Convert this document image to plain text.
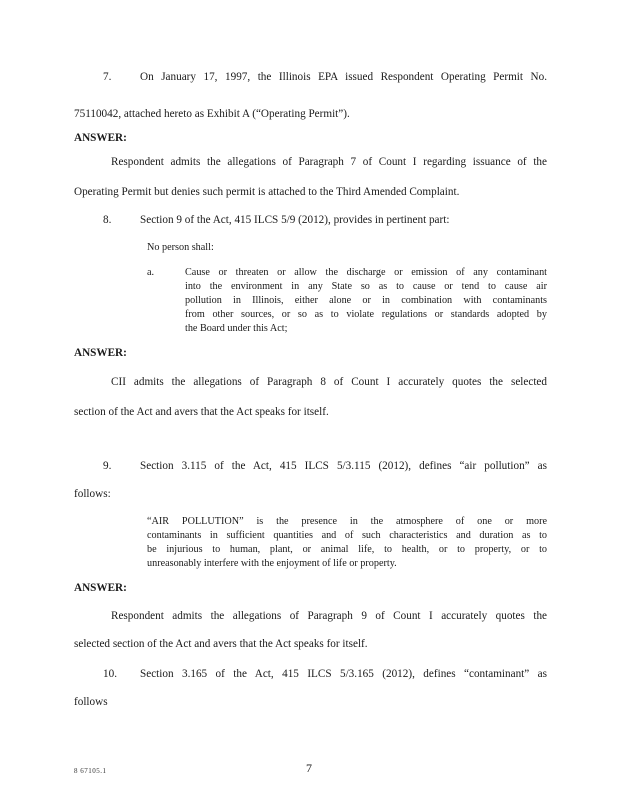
7.	On January 17, 1997, the Illinois EPA issued Respondent Operating Permit No.
75110042, attached hereto as Exhibit A (“Operating Permit”).
ANSWER:
Respondent admits the allegations of Paragraph 7 of Count I regarding issuance of the
Operating Permit but denies such permit is attached to the Third Amended Complaint.
8.	Section 9 of the Act, 415 ILCS 5/9 (2012), provides in pertinent part:
No person shall:
a.	Cause or threaten or allow the discharge or emission of any contaminant
into the environment in any State so as to cause or tend to cause air
pollution in Illinois, either alone or in combination with contaminants
from other sources, or so as to violate regulations or standards adopted by
the Board under this Act;
ANSWER:
CII admits the allegations of Paragraph 8 of Count I accurately quotes the selected
section of the Act and avers that the Act speaks for itself.
9.	Section 3.115 of the Act, 415 ILCS 5/3.115 (2012), defines “air pollution” as
follows:
“AIR POLLUTION” is the presence in the atmosphere of one or more
contaminants in sufficient quantities and of such characteristics and duration as to
be injurious to human, plant, or animal life, to health, or to property, or to
unreasonably interfere with the enjoyment of life or property.
ANSWER:
Respondent admits the allegations of Paragraph 9 of Count I accurately quotes the
selected section of the Act and avers that the Act speaks for itself.
10. Section 3.165 of the Act, 415 ILCS 5/3.165 (2012), defines “contaminant” as
follows
8 67105.1	7
